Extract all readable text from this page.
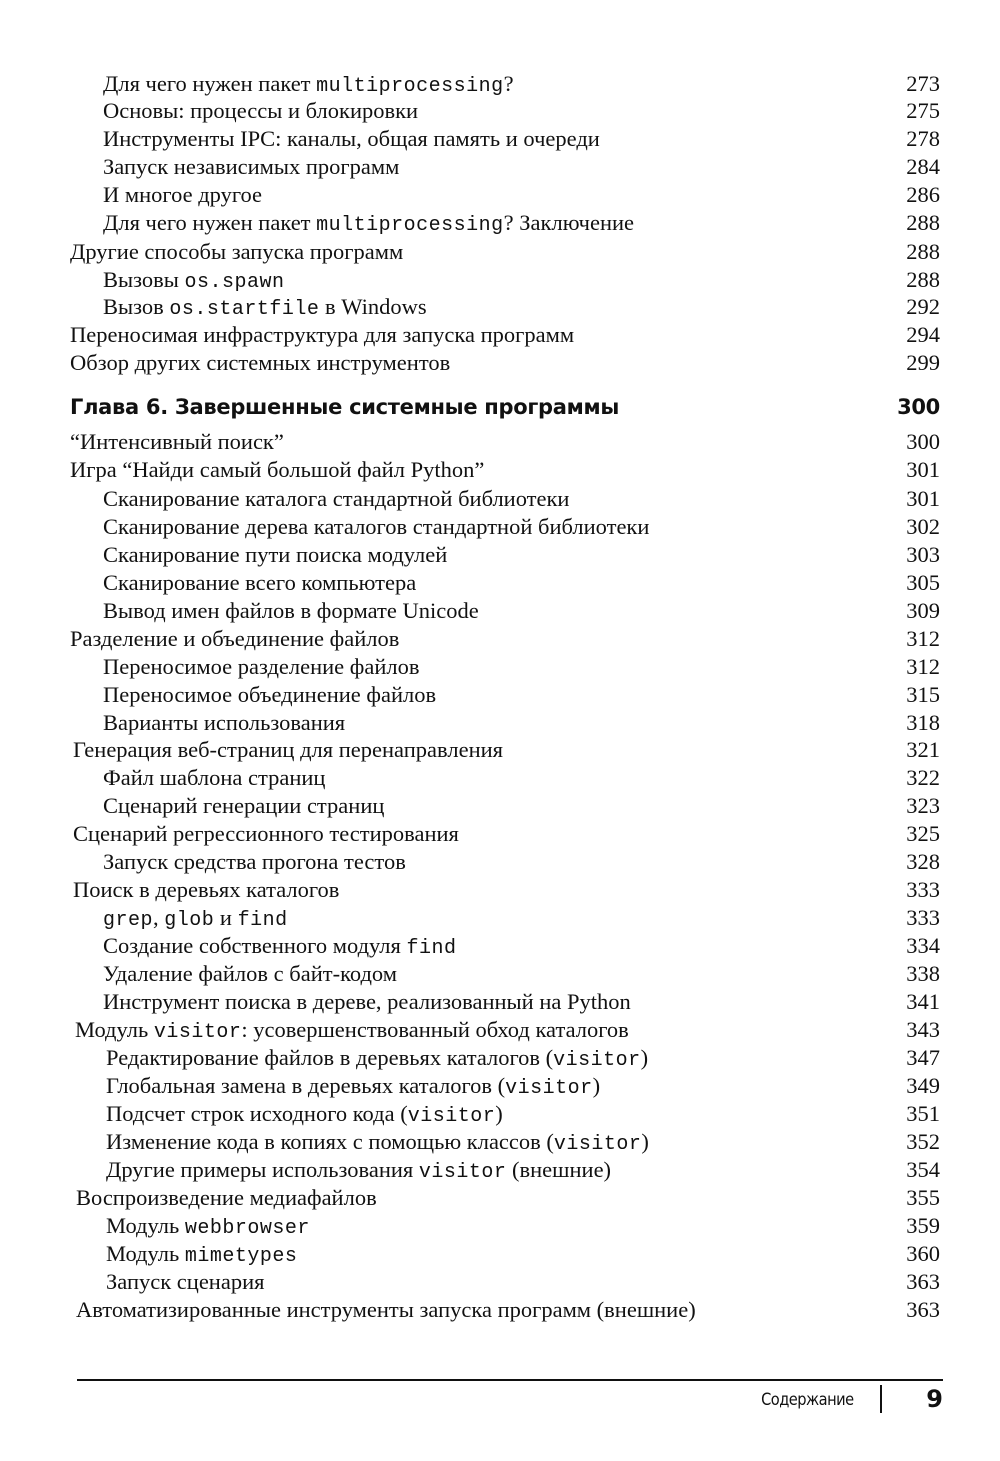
Для чего нужен пакет multiprocessing?	273
Основы: процессы и блокировки	275
Инструменты IPC: каналы, общая память и очереди	278
Запуск независимых программ	284
И многое другое	286
Для чего нужен пакет multiprocessing? Заключение	288
Другие способы запуска программ	288
Вызовы os.spawn	288
Вызов os.startfile в Windows	292
Переносимая инфраструктура для запуска программ	294
Обзор других системных инструментов	299
Глава 6. Завершенные системные программы	300
“Интенсивный поиск”	300
Игра “Найди самый большой файл Python”	301
Сканирование каталога стандартной библиотеки	301
Сканирование дерева каталогов стандартной библиотеки	302
Сканирование пути поиска модулей	303
Сканирование всего компьютера	305
Вывод имен файлов в формате Unicode	309
Разделение и объединение файлов	312
Переносимое разделение файлов	312
Переносимое объединение файлов	315
Варианты использования	318
Генерация веб-страниц для перенаправления	321
Файл шаблона страниц	322
Сценарий генерации страниц	323
Сценарий регрессионного тестирования	325
Запуск средства прогона тестов	328
Поиск в деревьях каталогов	333
grep, glob и find	333
Создание собственного модуля find	334
Удаление файлов с байт-кодом	338
Инструмент поиска в дереве, реализованный на Python	341
Модуль visitor: усовершенствованный обход каталогов	343
Редактирование файлов в деревьях каталогов (visitor)	347
Глобальная замена в деревьях каталогов (visitor)	349
Подсчет строк исходного кода (visitor)	351
Изменение кода в копиях с помощью классов (visitor)	352
Другие примеры использования visitor (внешние)	354
Воспроизведение медиафайлов	355
Модуль webbrowser	359
Модуль mimetypes	360
Запуск сценария	363
Автоматизированные инструменты запуска программ (внешние)	363
Содержание	9
